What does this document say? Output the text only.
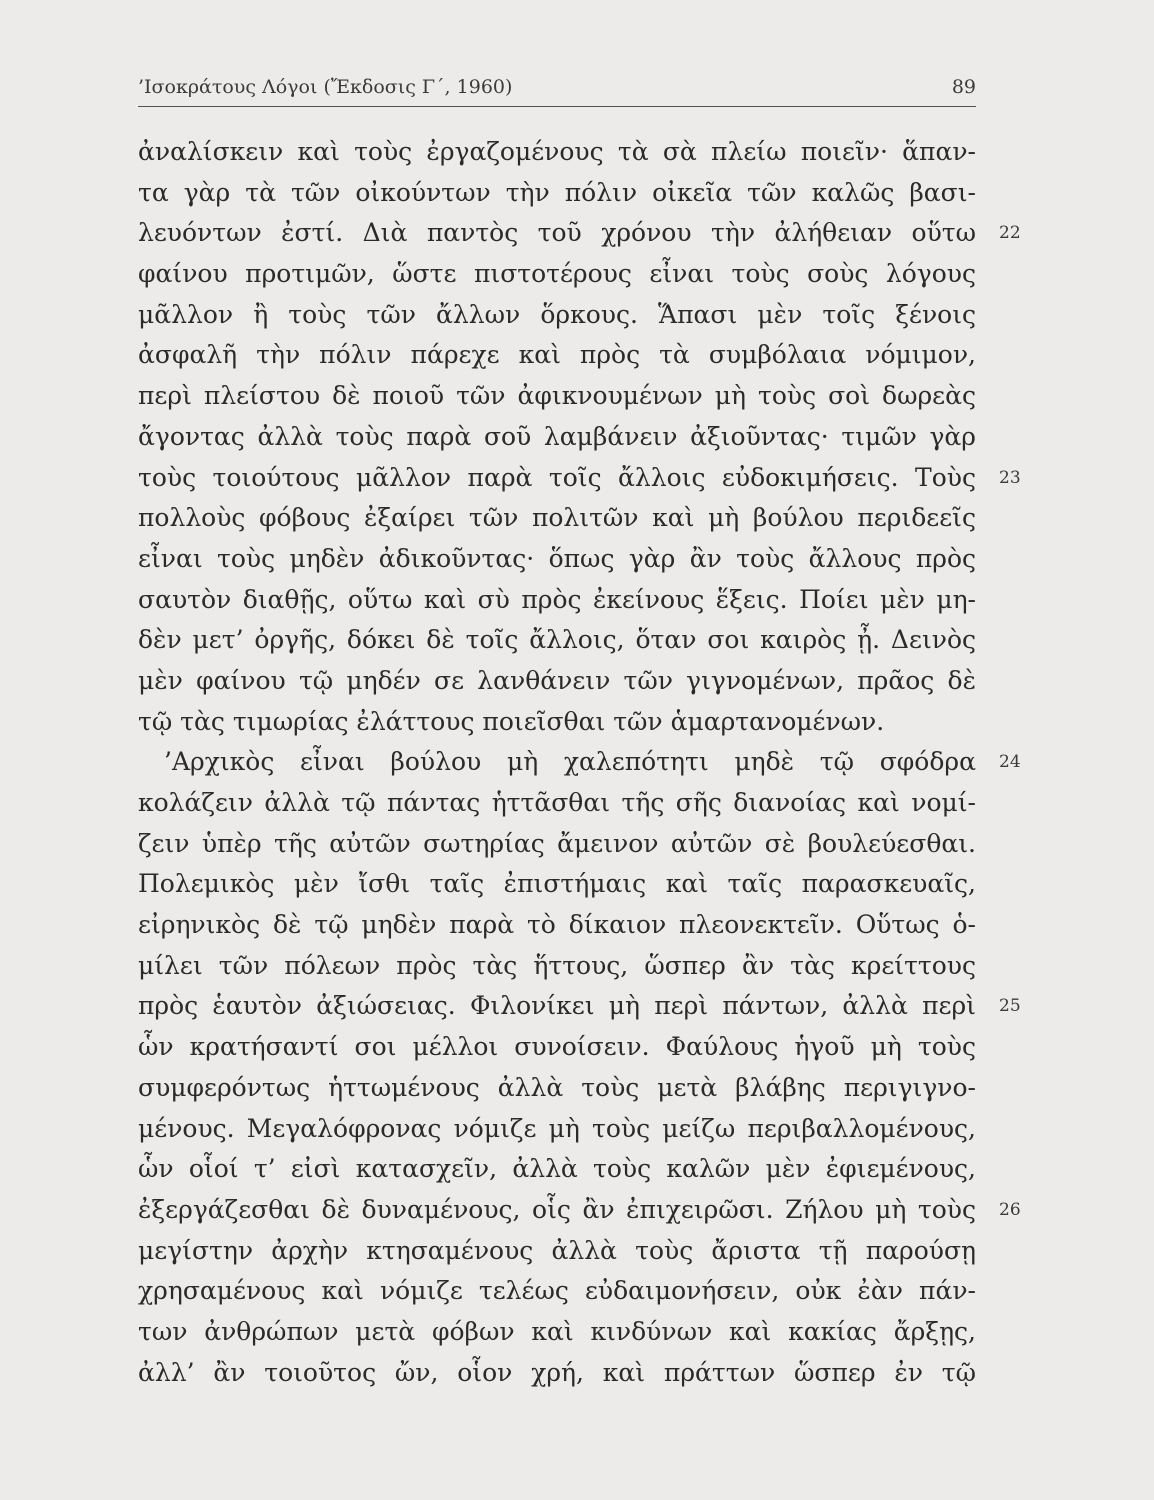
’Ισοκράτους Λόγοι (Ἔκδοσις Γ΄, 1960)	89
ἀναλίσκειν καὶ τοὺς ἐργαζομένους τὰ σὰ πλείω ποιεῖν· ἅπαν-
τα γὰρ τὰ τῶν οἰκούντων τὴν πόλιν οἰκεῖα τῶν καλῶς βασι-
λευόντων ἐστί. Διὰ παντὸς τοῦ χρόνου τὴν ἀλήθειαν οὕτω 22
φαίνου προτιμῶν, ὥστε πιστοτέρους εἶναι τοὺς σοὺς λόγους
μᾶλλον ἢ τοὺς τῶν ἄλλων ὅρκους. Ἅπασι μὲν τοῖς ξένοις
ἀσφαλῆ τὴν πόλιν πάρεχε καὶ πρὸς τὰ συμβόλαια νόμιμον,
περὶ πλείστου δὲ ποιοῦ τῶν ἀφικνουμένων μὴ τοὺς σοὶ δωρεὰς
ἄγοντας ἀλλὰ τοὺς παρὰ σοῦ λαμβάνειν ἀξιοῦντας· τιμῶν γὰρ
τοὺς τοιούτους μᾶλλον παρὰ τοῖς ἄλλοις εὐδοκιμήσεις. Τοὺς 23
πολλοὺς φόβους ἐξαίρει τῶν πολιτῶν καὶ μὴ βούλου περιδεεῖς
εἶναι τοὺς μηδὲν ἀδικοῦντας· ὅπως γὰρ ἂν τοὺς ἄλλους πρὸς
σαυτὸν διαθῇς, οὕτω καὶ σὺ πρὸς ἐκείνους ἕξεις. Ποίει μὲν μη-
δὲν μετ’ ὀργῆς, δόκει δὲ τοῖς ἄλλοις, ὅταν σοι καιρὸς ᾖ. Δεινὸς
μὲν φαίνου τῷ μηδέν σε λανθάνειν τῶν γιγνομένων, πρᾶος δὲ
τῷ τὰς τιμωρίας ἐλάττους ποιεῖσθαι τῶν ἁμαρτανομένων.
’Αρχικὸς εἶναι βούλου μὴ χαλεπότητι μηδὲ τῷ σφόδρα	24
κολάζειν ἀλλὰ τῷ πάντας ἡττᾶσθαι τῆς σῆς διανοίας καὶ νομί-
ζειν ὑπὲρ τῆς αὐτῶν σωτηρίας ἄμεινον αὐτῶν σὲ βουλεύεσθαι.
Πολεμικὸς μὲν ἴσθι ταῖς ἐπιστήμαις καὶ ταῖς παρασκευαῖς,
εἰρηνικὸς δὲ τῷ μηδὲν παρὰ τὸ δίκαιον πλεονεκτεῖν. Οὕτως ὁ-
μίλει τῶν πόλεων πρὸς τὰς ἥττους, ὥσπερ ἂν τὰς κρείττους
πρὸς ἑαυτὸν ἀξιώσειας. Φιλονίκει μὴ περὶ πάντων, ἀλλὰ περὶ 25
ὧν κρατήσαντί σοι μέλλοι συνοίσειν. Φαύλους ἡγοῦ μὴ τοὺς
συμφερόντως ἡττωμένους ἀλλὰ τοὺς μετὰ βλάβης περιγιγνο-
μένους. Μεγαλόφρονας νόμιζε μὴ τοὺς μείζω περιβαλλομένους,
ὧν οἷοί τ’ εἰσὶ κατασχεῖν, ἀλλὰ τοὺς καλῶν μὲν ἐφιεμένους,
ἐξεργάζεσθαι δὲ δυναμένους, οἷς ἂν ἐπιχειρῶσι. Ζήλου μὴ τοὺς 26
μεγίστην ἀρχὴν κτησαμένους ἀλλὰ τοὺς ἄριστα τῇ παρούσῃ
χρησαμένους καὶ νόμιζε τελέως εὐδαιμονήσειν, οὐκ ἐὰν πάν-
των ἀνθρώπων μετὰ φόβων καὶ κινδύνων καὶ κακίας ἄρξῃς,
ἀλλ’ ἂν τοιοῦτος ὤν, οἷον χρή, καὶ πράττων ὥσπερ ἐν τῷ
